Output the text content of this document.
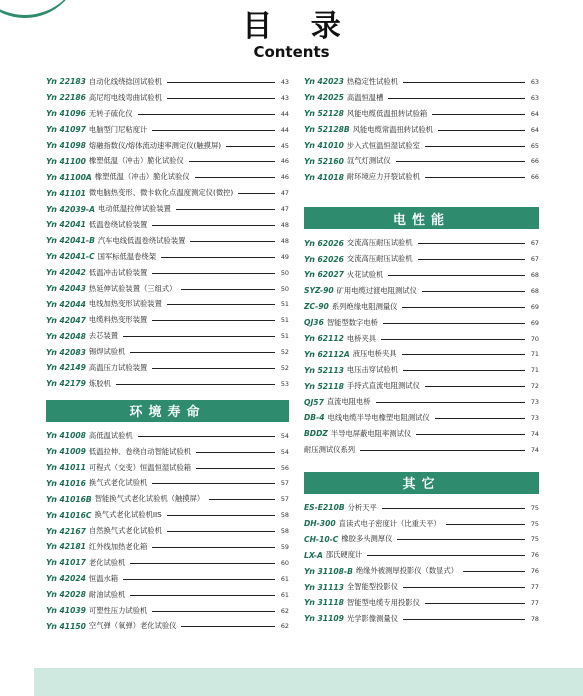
目 录
Contents
Yn 22183 自动化线绕捻回试验机	43
Yn 22186 高尼绍电线弯曲试验机	43
Yn 41096 无转子硫化仪	44
Yn 41097 电脑型门尼粘度计	44
Yn 41098 熔融指数仪/熔体流动速率测定仪(触摸屏)	45
Yn 41100 橡塑低温（冲击）脆化试验仪	46
Yn 41100A 橡塑低温（冲击）脆化试验仪	46
Yn 41101 微电脑热变形、微卡软化点温度测定仪(微控)	47
Yn 42039-A 电动低温拉伸试验装置	47
Yn 42041 低温卷绕试验装置	48
Yn 42041-B 汽车电线低温卷绕试验装置	48
Yn 42041-C 国军标低温卷绕架	49
Yn 42042 低温冲击试验装置	50
Yn 42043 热延伸试验装置（三组式）	50
Yn 42044 电线加热变形试验装置	51
Yn 42047 电缆料热变形装置	51
Yn 42048 去芯装置	51
Yn 42083 锡焊试验机	52
Yn 42149 高温压力试验装置	52
Yn 42179 炼胶机	53
环境寿命
Yn 41008 高低温试验机	54
Yn 41009 低温拉伸、卷绕自动智能试验机	54
Yn 41011 可程式（交变）恒温恒湿试验箱	56
Yn 41016 换气式老化试验机	57
Yn 41016B 智能换气式老化试验机（触摸屏）	57
Yn 41016C 换气式老化试验机IIS	58
Yn 42167 自然换气式老化试验机	58
Yn 42181 红外线加热老化箱	59
Yn 41017 老化试验机	60
Yn 42024 恒温水箱	61
Yn 42028 耐油试验机	61
Yn 41039 可塑性压力试验机	62
Yn 41150 空气弹（氧弹）老化试验仪	62
Yn 42023 热稳定性试验机	63
Yn 42025 高温恒温槽	63
Yn 52128 风能电缆低温扭转试验箱	64
Yn 52128B 风能电缆常温扭转试验机	64
Yn 41010 步入式恒温恒湿试验室	65
Yn 52160 氙气灯测试仪	66
Yn 41018 耐环境应力开裂试验机	66
电性能
Yn 62026 交流高压耐压试验机	67
Yn 62026 交流高压耐压试验机	67
Yn 62027 火花试验机	68
SYZ-90 矿用电缆过渡电阻测试仪	68
ZC-90 系列绝缘电阻测量仪	69
QJ36 智能型数字电桥	69
Yn 62112 电桥夹具	70
Yn 62112A 液压电桥夹具	71
Yn 52113 电压击穿试验机	71
Yn 52118 手持式直流电阻测试仪	72
QJ57 直流电阻电桥	73
DB-4 电线电缆半导电橡塑电阻测试仪	73
BDDZ 半导电屏蔽电阻率测试仪	74
耐压测试仪系列	74
其它
ES-E210B 分析天平	75
DH-300 直读式电子密度计（比重天平）	75
CH-10-C 橡胶多头测厚仪	75
LX-A 邵氏硬度计	76
Yn 31108-B 绝缘外被测厚投影仪（数显式）	76
Yn 31113 全智能型投影仪	77
Yn 31118 智能型电缆专用投影仪	77
Yn 31109 光学影像测量仪	78
